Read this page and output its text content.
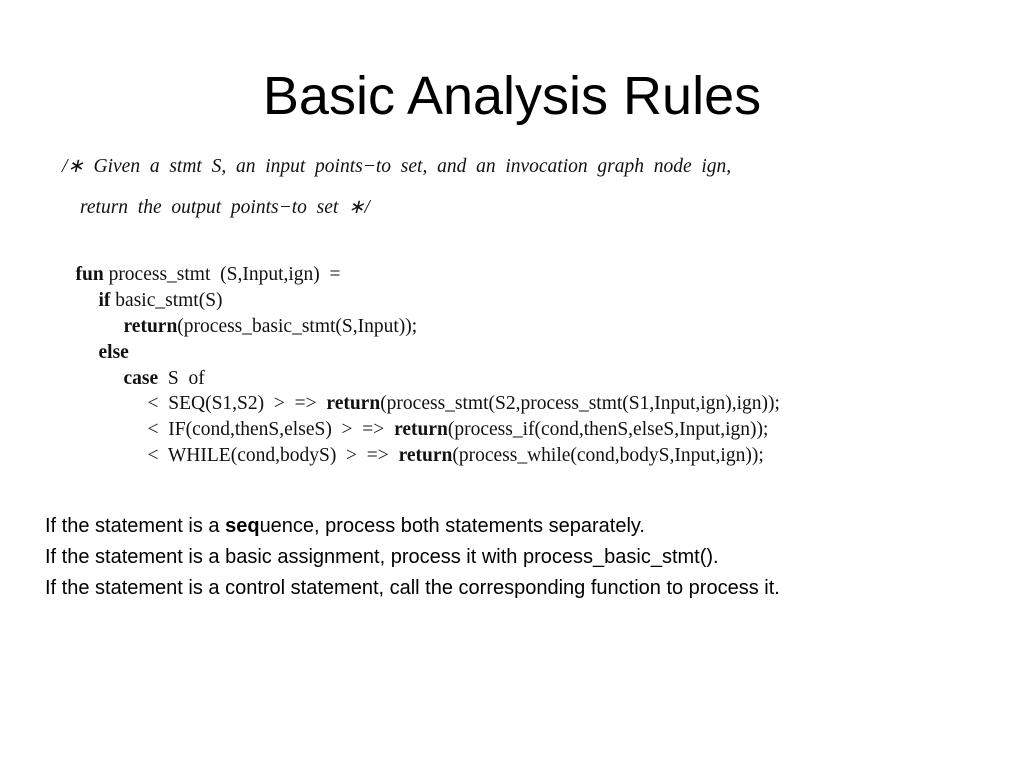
Basic Analysis Rules
/∗  Given  a  stmt  S,  an  input  points−to  set,  and  an  invocation  graph  node  ign,
return  the  output  points−to  set  ∗/

fun process_stmt  (S,Input,ign)  =

if basic_stmt(S)

return(process_basic_stmt(S,Input));

else

case  S  of

<  SEQ(S1,S2)  >  =>  return(process_stmt(S2,process_stmt(S1,Input,ign),ign));

<  IF(cond,thenS,elseS)  >  =>  return(process_if(cond,thenS,elseS,Input,ign));

<  WHILE(cond,bodyS)  >  =>  return(process_while(cond,bodyS,Input,ign));

If the statement is a sequence, process both statements separately.
If the statement is a basic assignment, process it with process_basic_stmt().
If the statement is a control statement, call the corresponding function to process it.
